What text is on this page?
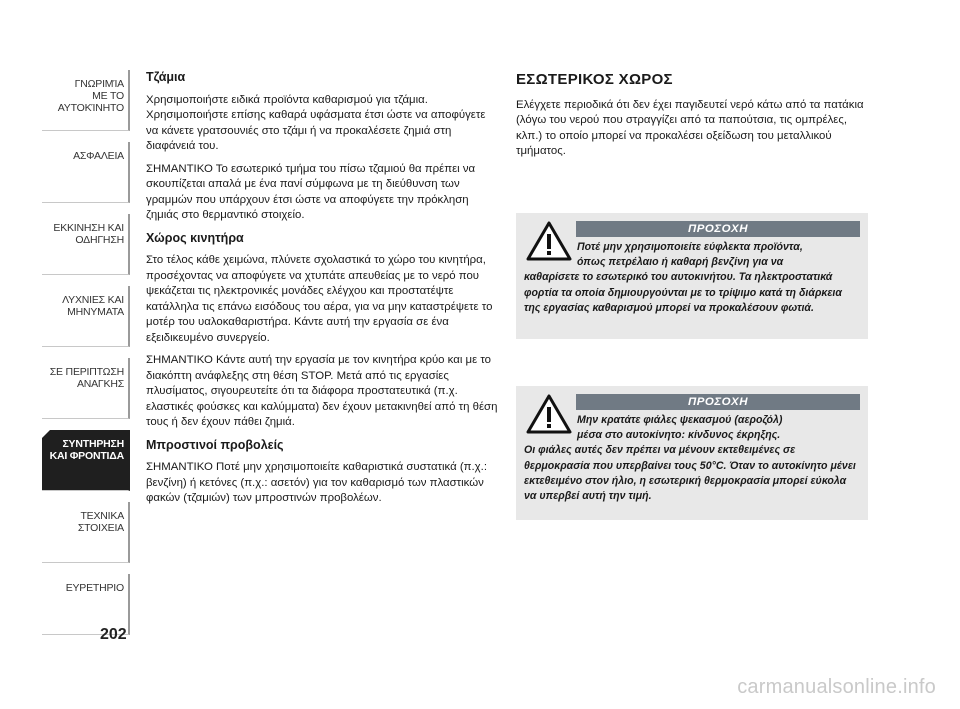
ΓΝΩΡΙΜΊΑ
ΜΕ ΤΟ
ΑΥΤΟΚΊΝΗΤΟ
ΑΣΦΑΛΕΙΑ
ΕΚΚΙΝΗΣΗ ΚΑΙ
ΟΔΗΓΗΣΗ
ΛΥΧΝΙΕΣ ΚΑΙ
ΜΗΝΥΜΑΤΑ
ΣΕ ΠΕΡΙΠΤΩΣΗ
ΑΝΑΓΚΗΣ
ΣΥΝΤΗΡΗΣΗ
ΚΑΙ ΦΡΟΝΤΙΔΑ
ΤΕΧΝΙΚΑ
ΣΤΟΙΧΕΙΑ
ΕΥΡΕΤΗΡΙΟ
202
Τζάμια

Χρησιμοποιήστε ειδικά προϊόντα καθαρισμού για τζάμια. Χρησιμοποιήστε επίσης καθαρά υφάσματα έτσι ώστε να αποφύγετε να κάνετε γρατσουνιές στο τζάμι ή να προκαλέσετε ζημιά στη διαφάνειά του.

ΣΗΜΑΝΤΙΚΟ Το εσωτερικό τμήμα του πίσω τζαμιού θα πρέπει να σκουπίζεται απαλά με ένα πανί σύμφωνα με τη διεύθυνση των γραμμών που υπάρχουν έτσι ώστε να αποφύγετε την πρόκληση ζημιάς στο θερμαντικό στοιχείο.

Χώρος κινητήρα

Στο τέλος κάθε χειμώνα, πλύνετε σχολαστικά το χώρο του κινητήρα, προσέχοντας να αποφύγετε να χτυπάτε απευθείας με το νερό που ψεκάζεται τις ηλεκτρονικές μονάδες ελέγχου και προστατέψτε κατάλληλα τις επάνω εισόδους του αέρα, για να μην καταστρέψετε το μοτέρ του υαλοκαθαριστήρα. Κάντε αυτή την εργασία σε ένα εξειδικευμένο συνεργείο.

ΣΗΜΑΝΤΙΚΟ Κάντε αυτή την εργασία με τον κινητήρα κρύο και με το διακόπτη ανάφλεξης στη θέση STOP. Μετά από τις εργασίες πλυσίματος, σιγουρευτείτε ότι τα διάφορα προστατευτικά (π.χ. ελαστικές φούσκες και καλύμματα) δεν έχουν μετακινηθεί από τη θέση τους ή δεν έχουν πάθει ζημιά.

Μπροστινοί προβολείς

ΣΗΜΑΝΤΙΚΟ Ποτέ μην χρησιμοποιείτε καθαριστικά συστατικά (π.χ.: βενζίνη) ή κετόνες (π.χ.: ασετόν) για τον καθαρισμό των πλαστικών φακών (τζαμιών) των μπροστινών προβολέων.

ΕΣΩΤΕΡΙΚΟΣ ΧΩΡΟΣ

Ελέγχετε περιοδικά ότι δεν έχει παγιδευτεί νερό κάτω από τα πατάκια (λόγω του νερού που στραγγίζει από τα παπούτσια, τις ομπρέλες, κλπ.) το οποίο μπορεί να προκαλέσει οξείδωση του μεταλλικού τμήματος.

ΠΡΟΣΟΧΗ
Ποτέ μην χρησιμοποιείτε εύφλεκτα προϊόντα,
όπως πετρέλαιο ή καθαρή βενζίνη για να
καθαρίσετε το εσωτερικό του αυτοκινήτου. Τα ηλεκτροστατικά φορτία τα οποία δημιουργούνται με το τρίψιμο κατά τη διάρκεια της εργασίας καθαρισμού μπορεί να προκαλέσουν φωτιά.
ΠΡΟΣΟΧΗ
Μην κρατάτε φιάλες ψεκασμού (αεροζόλ)
μέσα στο αυτοκίνητο: κίνδυνος έκρηξης.
Οι φιάλες αυτές δεν πρέπει να μένουν εκτεθειμένες σε θερμοκρασία που υπερβαίνει τους 50°C. Όταν το αυτοκίνητο μένει εκτεθειμένο στον ήλιο, η εσωτερική θερμοκρασία μπορεί εύκολα να υπερβεί αυτή την τιμή.
carmanualsonline.info
